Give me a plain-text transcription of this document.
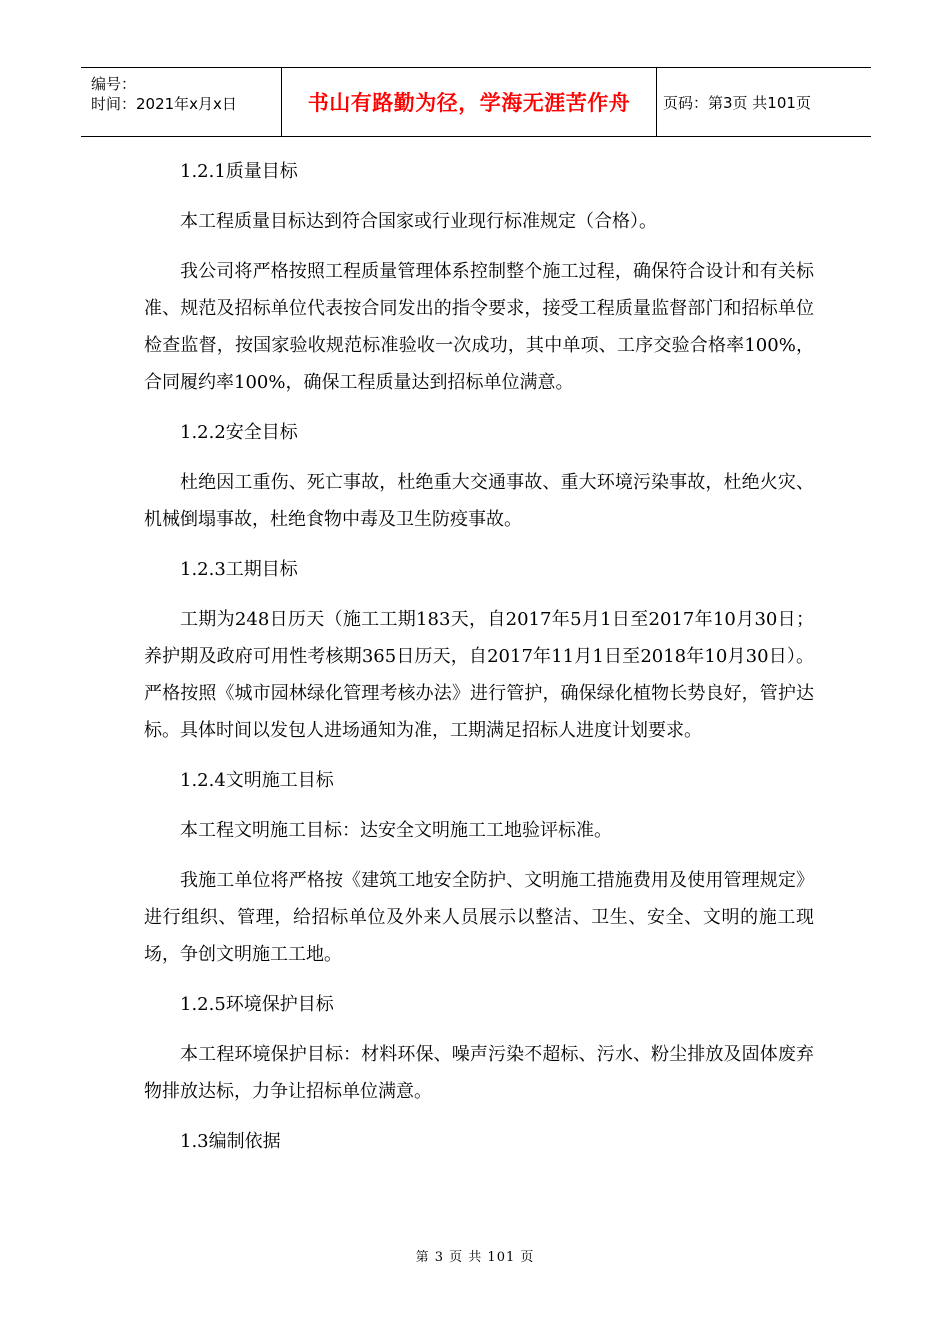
编号：
时间：2021年x月x日	书山有路勤为径，学海无涯苦作舟	页码：第3页 共101页

1.2.1质量目标

本工程质量目标达到符合国家或行业现行标准规定（合格）。

我公司将严格按照工程质量管理体系控制整个施工过程，确保符合设计和有关标准、规范及招标单位代表按合同发出的指令要求，接受工程质量监督部门和招标单位检查监督，按国家验收规范标准验收一次成功，其中单项、工序交验合格率100%，合同履约率100%，确保工程质量达到招标单位满意。

1.2.2安全目标

杜绝因工重伤、死亡事故，杜绝重大交通事故、重大环境污染事故，杜绝火灾、机械倒塌事故，杜绝食物中毒及卫生防疫事故。

1.2.3工期目标

工期为248日历天（施工工期183天，自2017年5月1日至2017年10月30日；养护期及政府可用性考核期365日历天，自2017年11月1日至2018年10月30日）。严格按照《城市园林绿化管理考核办法》进行管护，确保绿化植物长势良好，管护达标。具体时间以发包人进场通知为准，工期满足招标人进度计划要求。

1.2.4文明施工目标

本工程文明施工目标：达安全文明施工工地验评标准。

我施工单位将严格按《建筑工地安全防护、文明施工措施费用及使用管理规定》进行组织、管理，给招标单位及外来人员展示以整洁、卫生、安全、文明的施工现场，争创文明施工工地。

1.2.5环境保护目标

本工程环境保护目标：材料环保、噪声污染不超标、污水、粉尘排放及固体废弃物排放达标，力争让招标单位满意。

1.3编制依据

第 3 页 共 101 页
